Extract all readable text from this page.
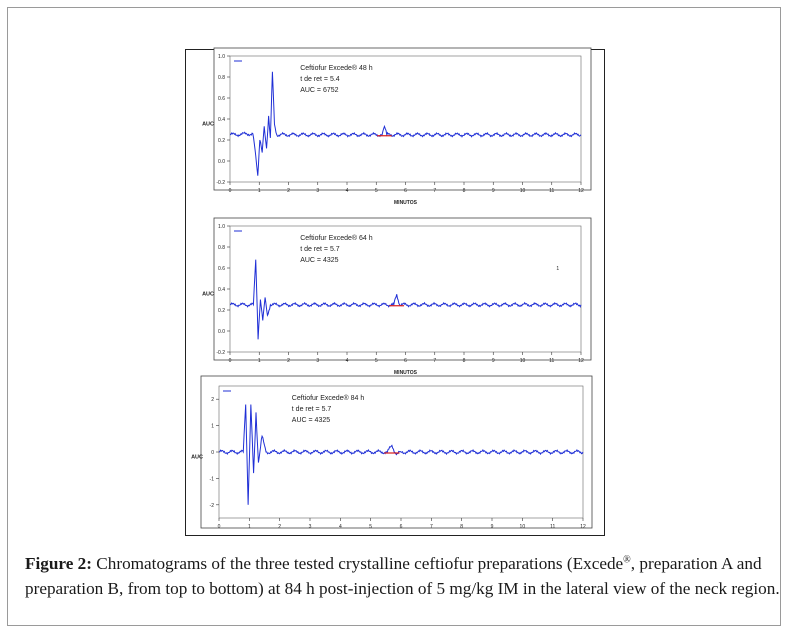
0	1	2	3	4	5	6	7	8	9	10	11	12
1.0
0.8
0.6
0.4
0.2
0.0
-0.2
AUC
MINUTOS
Ceftiofur Excede® 48 h
t de ret = 5.4
AUC = 6752
0	1	2	3	4	5	6	7	8	9	10	11	12
1.0
0.8
0.6
0.4
0.2
0.0
-0.2
AUC
MINUTOS
Ceftiofur Excede® 64 h
t de ret = 5.7
AUC = 4325
1
0	1	2	3	4	5	6	7	8	9	10	11	12
2
1
0
-1
-2
AUC
Ceftiofur Excede® 84 h
t de ret = 5.7
AUC = 4325
Figure 2: Chromatograms of the three tested crystalline ceftiofur preparations (Excede®, preparation A and preparation B, from top to bottom) at 84 h post-injection of 5 mg/kg IM in the lateral view of the neck region.
